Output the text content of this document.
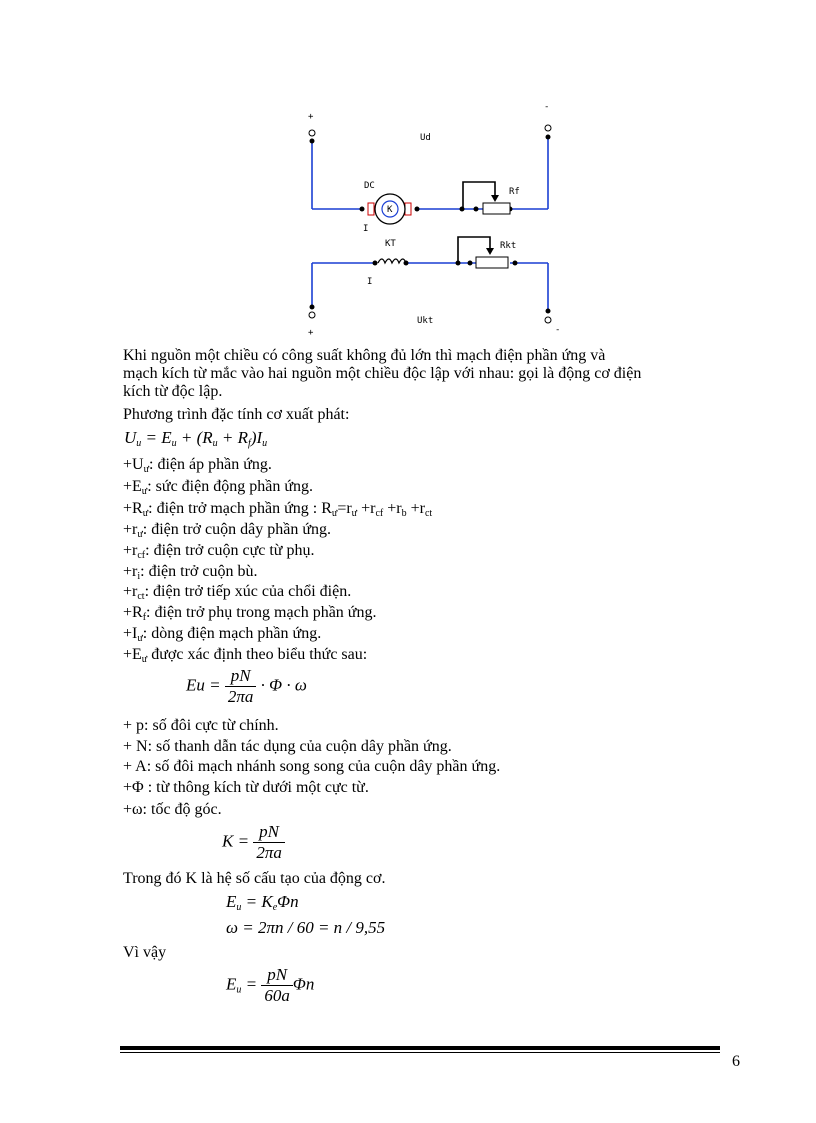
+
-
Ud
DC
K
Rf
I
KT	Rkt
I
+
Ukt
-
Khi nguồn một chiều có công suất không đủ lớn thì mạch điện phần ứng và
mạch kích từ mắc vào hai nguồn một chiều độc lập với nhau: gọi là động cơ điện
kích từ độc lập.
Phương trình đặc tính cơ xuất phát:
$U_u = E_u + (R_u + R_f)I_u$
$+U_ư$: điện áp phần ứng.
$+E_ư$: sức điện động phần ứng.
$+R_ư$: điện trở mạch phần ứng : $R_ư=r_ư +r_{cf} +r_b +r_{ct}$
$+r_ư$: điện trở cuộn dây phần ứng.
$+r_{cf}$: điện trở cuộn cực từ phụ.
$+r_i$: điện trở cuộn bù.
$+r_{ct}$: điện trở tiếp xúc của chổi điện.
$+R_f$: điện trở phụ trong mạch phần ứng.
$+I_ư$: dòng điện mạch phần ứng.
$+E_ư$ được xác định theo biểu thức sau:
$Eu = \frac{pN}{2\pi a} \cdot \Phi \cdot \omega$
+ p: số đôi cực từ chính.
+ N: số thanh dẫn tác dụng của cuộn dây phần ứng.
+ A: số đôi mạch nhánh song song của cuộn dây phần ứng.
+Φ : từ thông kích từ dưới một cực từ.
+ω: tốc độ góc.
$K = \frac{pN}{2\pi a}$
Trong đó K là hệ số cấu tạo của động cơ.
$E_u = K_e\Phi n$
ω = 2πn / 60 = n / 9,55
Vì vậy
$E_u = \frac{pN}{60a}$ Φn
6
